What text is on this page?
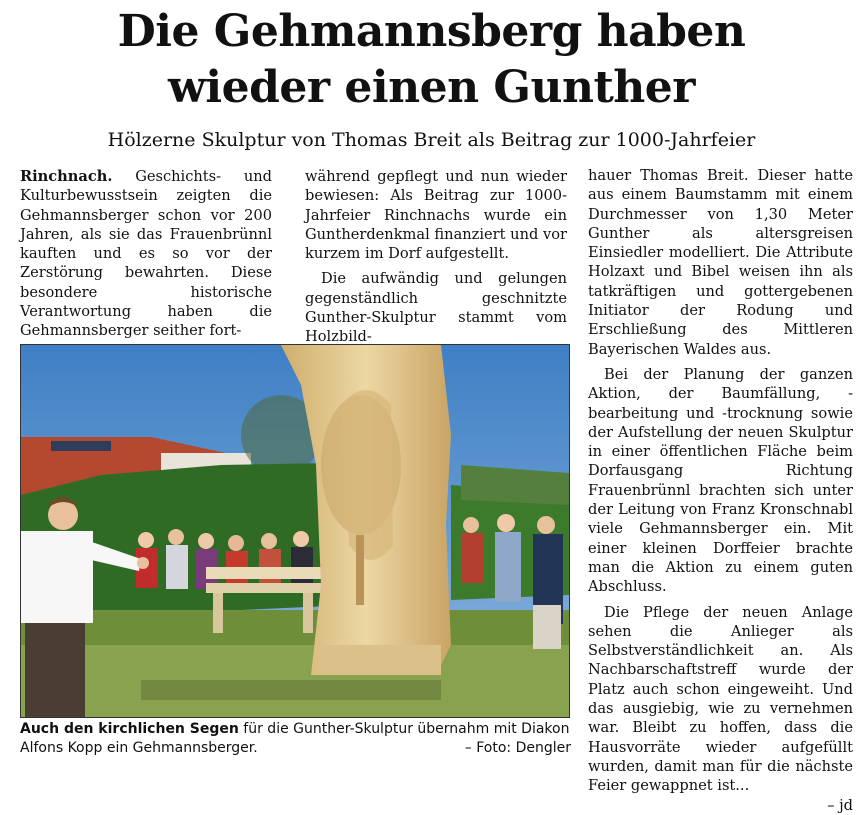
Die Gehmannsberg haben
wieder einen Gunther
Hölzerne Skulptur von Thomas Breit als Beitrag zur 1000-Jahrfeier

Rinchnach. Geschichts- und Kulturbewusstsein zeigten die Gehmannsberger schon vor 200 Jahren, als sie das Frauenbrünnl kauften und es so vor der Zerstörung bewahrten. Diese besondere historische Verantwortung haben die Gehmannsberger seither fort-

während gepflegt und nun wieder bewiesen: Als Beitrag zur 1000-Jahrfeier Rinchnachs wurde ein Guntherdenkmal finanziert und vor kurzem im Dorf aufgestellt.

Die aufwändig und gelungen gegenständlich geschnitzte Gunther-Skulptur stammt vom Holzbild-

Auch den kirchlichen Segen für die Gunther-Skulptur übernahm mit Diakon Alfons Kopp ein Gehmannsberger.	– Foto: Dengler

hauer Thomas Breit. Dieser hatte aus einem Baumstamm mit einem Durchmesser von 1,30 Meter Gunther als altersgreisen Einsiedler modelliert. Die Attribute Holzaxt und Bibel weisen ihn als tatkräftigen und gottergebenen Initiator der Rodung und Erschließung des Mittleren Bayerischen Waldes aus.

Bei der Planung der ganzen Aktion, der Baumfällung, -bearbeitung und -trocknung sowie der Aufstellung der neuen Skulptur in einer öffentlichen Fläche beim Dorfausgang Richtung Frauenbrünnl brachten sich unter der Leitung von Franz Kronschnabl viele Gehmannsberger ein. Mit einer kleinen Dorffeier brachte man die Aktion zu einem guten Abschluss.

Die Pflege der neuen Anlage sehen die Anlieger als Selbstverständlichkeit an. Als Nachbarschaftstreff wurde der Platz auch schon eingeweiht. Und das ausgiebig, wie zu vernehmen war. Bleibt zu hoffen, dass die Hausvorräte wieder aufgefüllt wurden, damit man für die nächste Feier gewappnet ist...

– jd
